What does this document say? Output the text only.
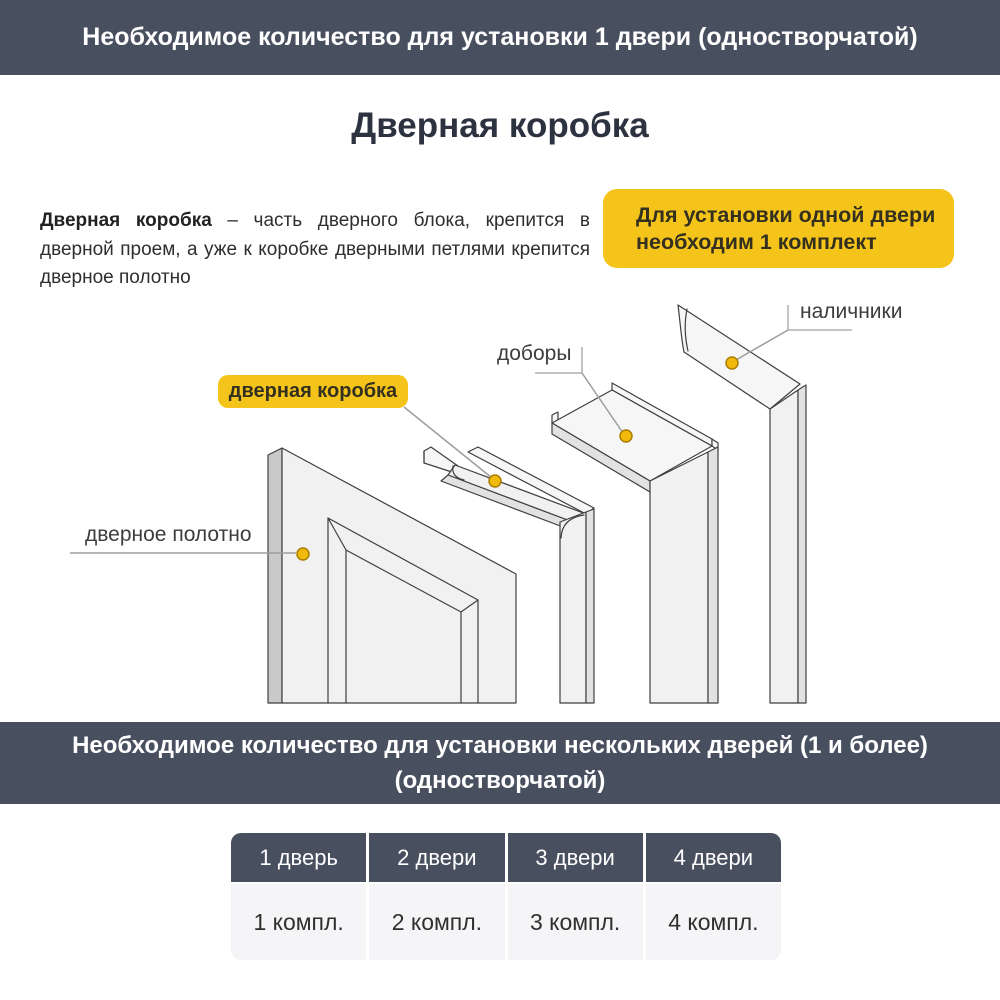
Необходимое количество для установки 1 двери (одностворчатой)
Дверная коробка

Дверная коробка – часть дверного блока, крепится в дверной проем, а уже к коробке дверными петлями крепится дверное полотно

Для установки одной двери
необходим 1 комплект
наличники
доборы
дверное полотно
дверная коробка
Необходимое количество для установки нескольких дверей (1 и более)
(одностворчатой)
1 дверь	2 двери	3 двери	4 двери
1 компл.	2 компл.	3 компл.	4 компл.
